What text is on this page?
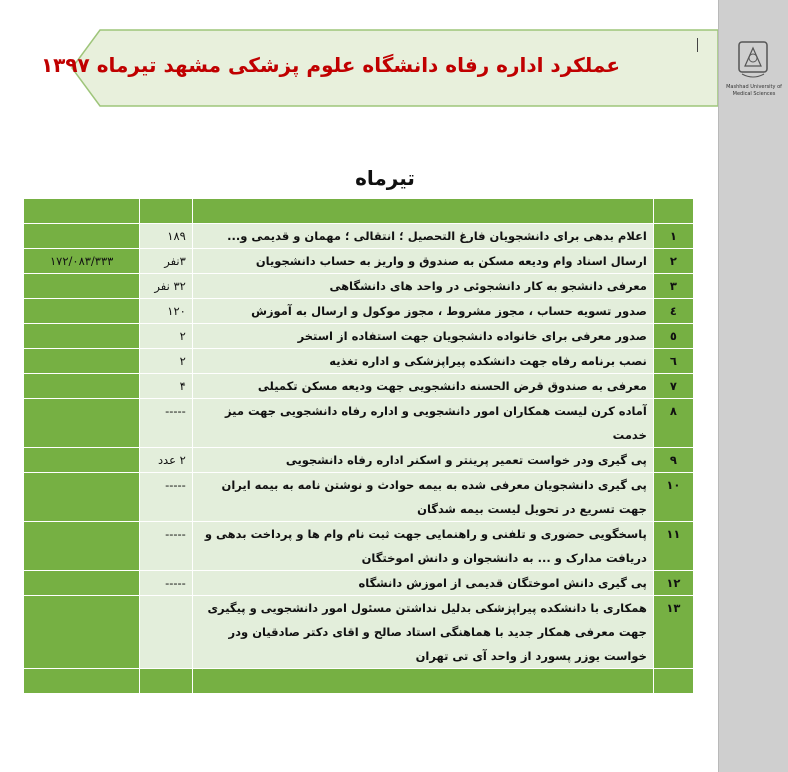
عملکرد اداره رفاه دانشگاه علوم پزشکی مشهد تیرماه ۱۳۹۷
Mashhad University of Medical Sciences
تیرماه

۱	اعلام بدهی برای دانشجویان فارغ التحصیل ؛ انتقالی ؛ مهمان و قدیمی و...	۱۸۹	
۲	ارسال اسناد وام ودیعه مسکن به صندوق و واریز به حساب دانشجویان	۳نفر	۱۷۲/۰۸۳/۳۳۳
۳	معرفی دانشجو به کار دانشجوئی در واحد های دانشگاهی	۳۲ نفر	
٤	صدور تسویه حساب ، مجوز مشروط ، مجوز موکول و ارسال به آموزش	۱۲۰	
٥	صدور معرفی برای خانواده دانشجویان جهت استفاده از استخر	۲	
٦	نصب برنامه رفاه جهت دانشکده پیراپزشکی و اداره تغذیه	۲	
۷	معرفی به صندوق قرض الحسنه دانشجویی جهت ودیعه مسکن تکمیلی	۴	
۸	آماده کرن لیست همکاران امور دانشجویی و اداره رفاه دانشجویی جهت میز خدمت	-----	
۹	پی گیری ودر خواست تعمیر پرینتر و اسکنر اداره رفاه دانشجویی	۲ عدد	
۱۰	پی گیری دانشجویان معرفی شده به بیمه حوادث و نوشتن نامه به بیمه ایران جهت تسریع در تحویل لیست بیمه شدگان	-----	
۱۱	پاسخگویی حضوری و تلفنی و راهنمایی جهت ثبت نام وام ها و پرداخت بدهی و دریافت مدارک و ... به دانشجوان و دانش اموختگان	-----	
۱۲	پی گیری دانش اموختگان قدیمی از اموزش دانشگاه	-----	
۱۳	همکاری با دانشکده پیراپزشکی بدلیل نداشتن مسئول امور دانشجویی و پیگیری جهت معرفی همکار جدید با هماهنگی استاد صالح و اقای دکتر صادقیان ودر خواست یوزر پسورد از واحد آی تی تهران		
